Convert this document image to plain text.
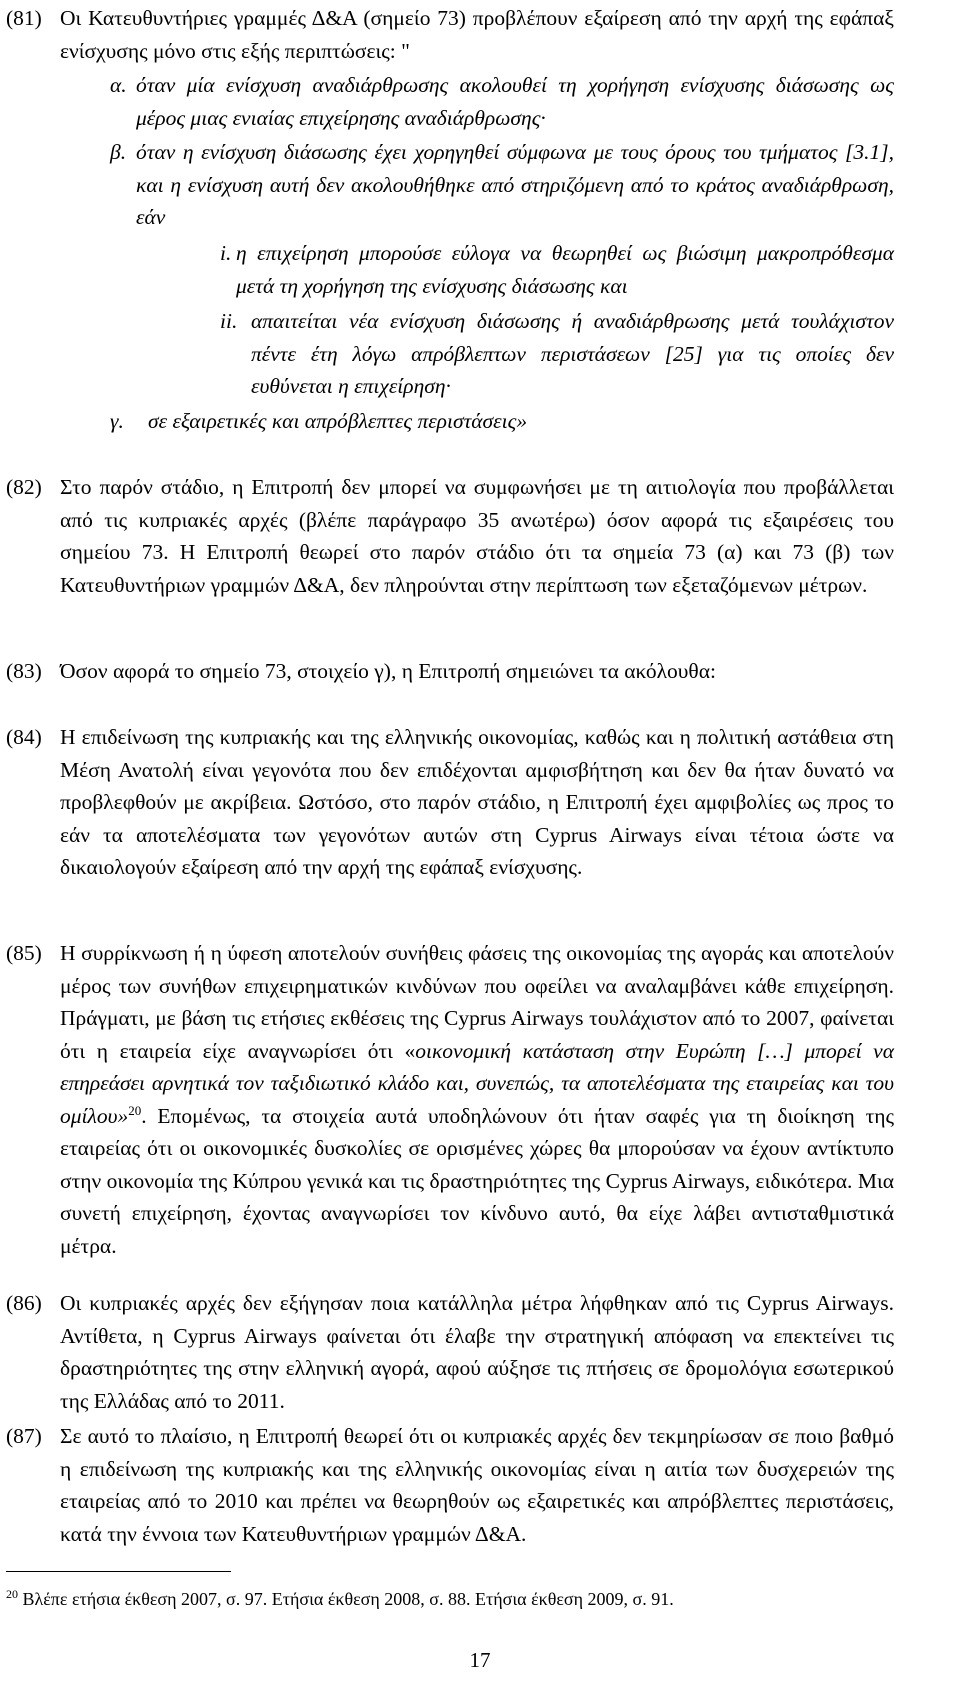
(81) Οι Κατευθυντήριες γραμμές Δ&Α (σημείο 73) προβλέπουν εξαίρεση από την αρχή της εφάπαξ ενίσχυσης μόνο στις εξής περιπτώσεις: "
α. όταν μία ενίσχυση αναδιάρθρωσης ακολουθεί τη χορήγηση ενίσχυσης διάσωσης ως μέρος μιας ενιαίας επιχείρησης αναδιάρθρωσης·
β. όταν η ενίσχυση διάσωσης έχει χορηγηθεί σύμφωνα με τους όρους του τμήματος [3.1], και η ενίσχυση αυτή δεν ακολουθήθηκε από στηριζόμενη από το κράτος αναδιάρθρωση, εάν
i. η επιχείρηση μπορούσε εύλογα να θεωρηθεί ως βιώσιμη μακροπρόθεσμα μετά τη χορήγηση της ενίσχυσης διάσωσης και
ii. απαιτείται νέα ενίσχυση διάσωσης ή αναδιάρθρωσης μετά τουλάχιστον πέντε έτη λόγω απρόβλεπτων περιστάσεων [25] για τις οποίες δεν ευθύνεται η επιχείρηση·
γ. σε εξαιρετικές και απρόβλεπτες περιστάσεις»
(82) Στο παρόν στάδιο, η Επιτροπή δεν μπορεί να συμφωνήσει με τη αιτιολογία που προβάλλεται από τις κυπριακές αρχές (βλέπε παράγραφο 35 ανωτέρω) όσον αφορά τις εξαιρέσεις του σημείου 73. Η Επιτροπή θεωρεί στο παρόν στάδιο ότι τα σημεία 73 (α) και 73 (β) των Κατευθυντήριων γραμμών Δ&Α, δεν πληρούνται στην περίπτωση των εξεταζόμενων μέτρων.
(83) Όσον αφορά το σημείο 73, στοιχείο γ), η Επιτροπή σημειώνει τα ακόλουθα:
(84) Η επιδείνωση της κυπριακής και της ελληνικής οικονομίας, καθώς και η πολιτική αστάθεια στη Μέση Ανατολή είναι γεγονότα που δεν επιδέχονται αμφισβήτηση και δεν θα ήταν δυνατό να προβλεφθούν με ακρίβεια. Ωστόσο, στο παρόν στάδιο, η Επιτροπή έχει αμφιβολίες ως προς το εάν τα αποτελέσματα των γεγονότων αυτών στη Cyprus Airways είναι τέτοια ώστε να δικαιολογούν εξαίρεση από την αρχή της εφάπαξ ενίσχυσης.
(85) Η συρρίκνωση ή η ύφεση αποτελούν συνήθεις φάσεις της οικονομίας της αγοράς και αποτελούν μέρος των συνήθων επιχειρηματικών κινδύνων που οφείλει να αναλαμβάνει κάθε επιχείρηση. Πράγματι, με βάση τις ετήσιες εκθέσεις της Cyprus Airways τουλάχιστον από το 2007, φαίνεται ότι η εταιρεία είχε αναγνωρίσει ότι «οικονομική κατάσταση στην Ευρώπη […] μπορεί να επηρεάσει αρνητικά τον ταξιδιωτικό κλάδο και, συνεπώς, τα αποτελέσματα της εταιρείας και του ομίλου»$^{20}$. Επομένως, τα στοιχεία αυτά υποδηλώνουν ότι ήταν σαφές για τη διοίκηση της εταιρείας ότι οι οικονομικές δυσκολίες σε ορισμένες χώρες θα μπορούσαν να έχουν αντίκτυπο στην οικονομία της Κύπρου γενικά και τις δραστηριότητες της Cyprus Airways, ειδικότερα. Μια συνετή επιχείρηση, έχοντας αναγνωρίσει τον κίνδυνο αυτό, θα είχε λάβει αντισταθμιστικά μέτρα.
(86) Οι κυπριακές αρχές δεν εξήγησαν ποια κατάλληλα μέτρα λήφθηκαν από τις Cyprus Airways. Αντίθετα, η Cyprus Airways φαίνεται ότι έλαβε την στρατηγική απόφαση να επεκτείνει τις δραστηριότητες της στην ελληνική αγορά, αφού αύξησε τις πτήσεις σε δρομολόγια εσωτερικού της Ελλάδας από το 2011.
(87) Σε αυτό το πλαίσιο, η Επιτροπή θεωρεί ότι οι κυπριακές αρχές δεν τεκμηρίωσαν σε ποιο βαθμό η επιδείνωση της κυπριακής και της ελληνικής οικονομίας είναι η αιτία των δυσχερειών της εταιρείας από το 2010 και πρέπει να θεωρηθούν ως εξαιρετικές και απρόβλεπτες περιστάσεις, κατά την έννοια των Κατευθυντήριων γραμμών Δ&Α.
$^{20}$ Βλέπε ετήσια έκθεση 2007, σ. 97. Ετήσια έκθεση 2008, σ. 88. Ετήσια έκθεση 2009, σ. 91.
17
